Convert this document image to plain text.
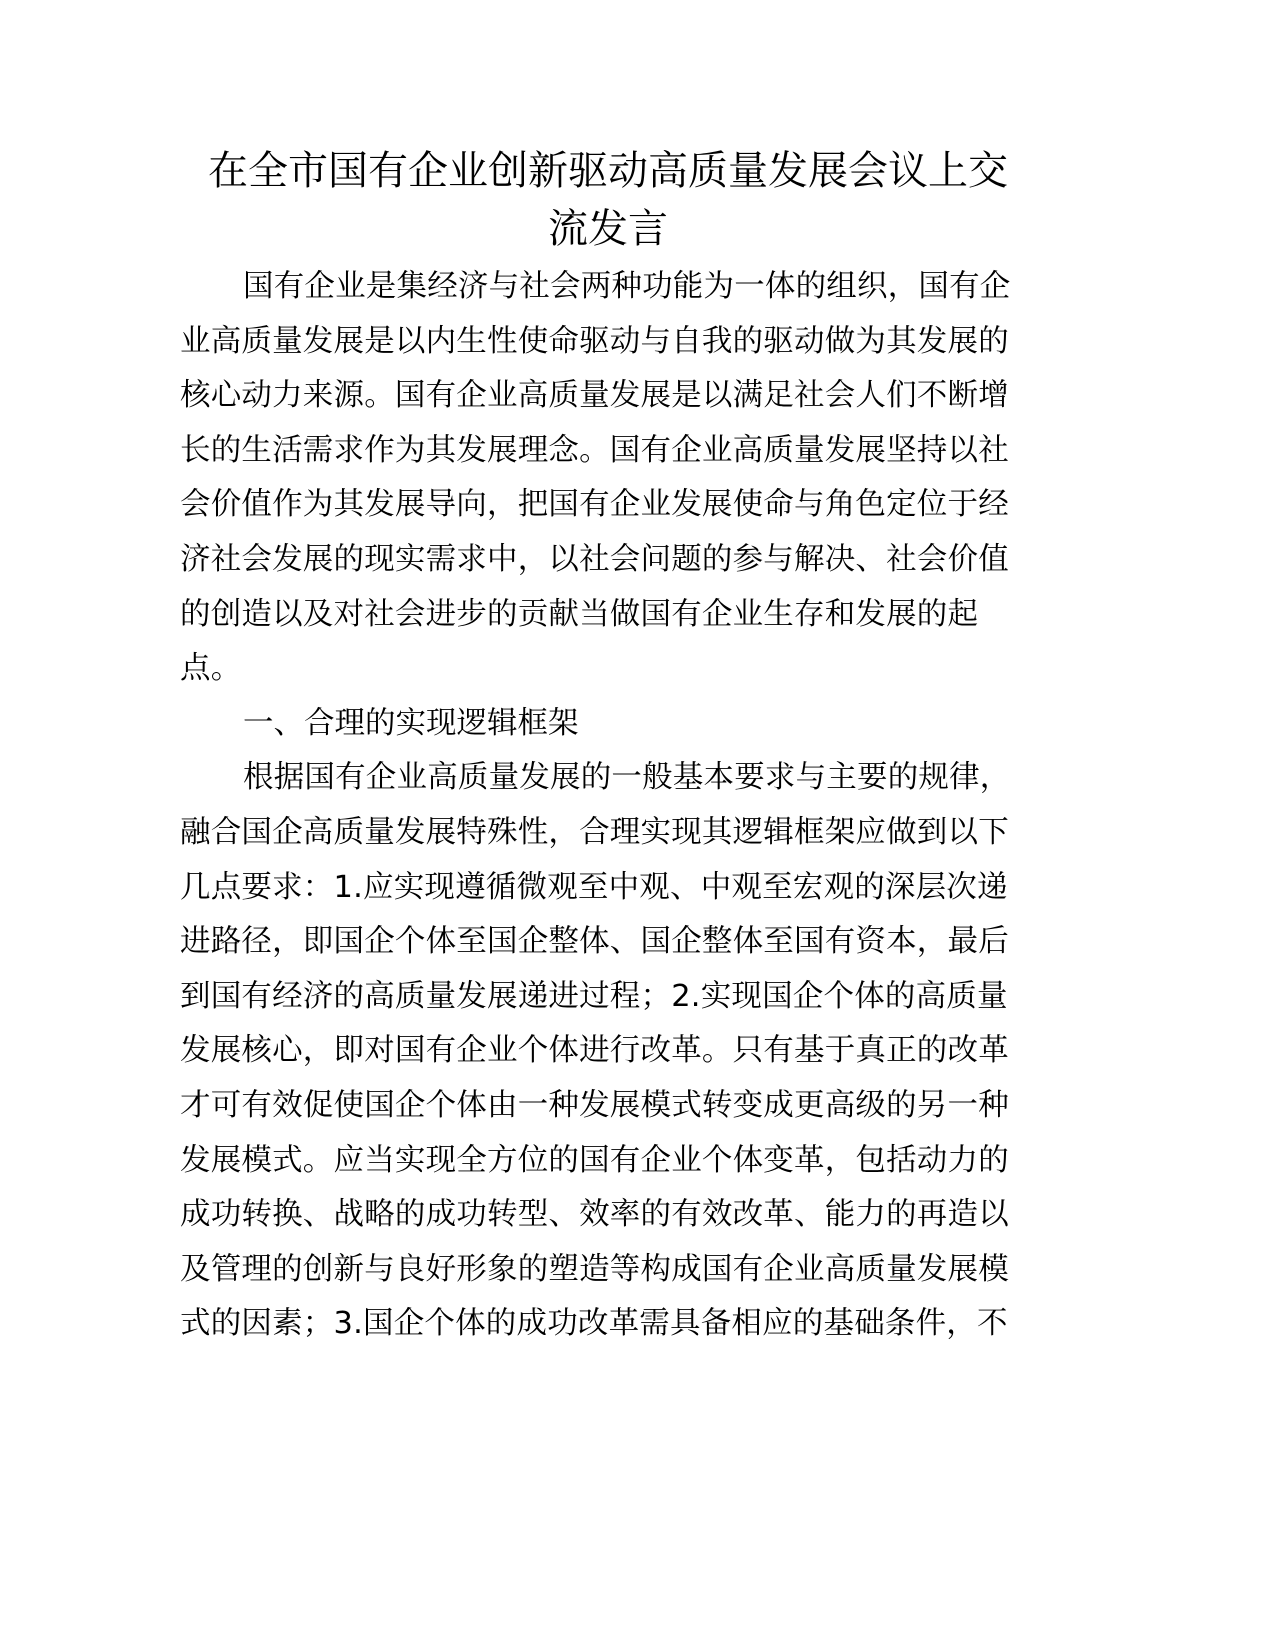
在全市国有企业创新驱动高质量发展会议上交
流发言

国有企业是集经济与社会两种功能为一体的组织，国有企
业高质量发展是以内生性使命驱动与自我的驱动做为其发展的
核心动力来源。国有企业高质量发展是以满足社会人们不断增
长的生活需求作为其发展理念。国有企业高质量发展坚持以社
会价值作为其发展导向，把国有企业发展使命与角色定位于经
济社会发展的现实需求中，以社会问题的参与解决、社会价值
的创造以及对社会进步的贡献当做国有企业生存和发展的起
点。

一、合理的实现逻辑框架

根据国有企业高质量发展的一般基本要求与主要的规律，
融合国企高质量发展特殊性，合理实现其逻辑框架应做到以下
几点要求：1.应实现遵循微观至中观、中观至宏观的深层次递
进路径，即国企个体至国企整体、国企整体至国有资本，最后
到国有经济的高质量发展递进过程；2.实现国企个体的高质量
发展核心，即对国有企业个体进行改革。只有基于真正的改革
才可有效促使国企个体由一种发展模式转变成更高级的另一种
发展模式。应当实现全方位的国有企业个体变革，包括动力的
成功转换、战略的成功转型、效率的有效改革、能力的再造以
及管理的创新与良好形象的塑造等构成国有企业高质量发展模
式的因素；3.国企个体的成功改革需具备相应的基础条件，不
